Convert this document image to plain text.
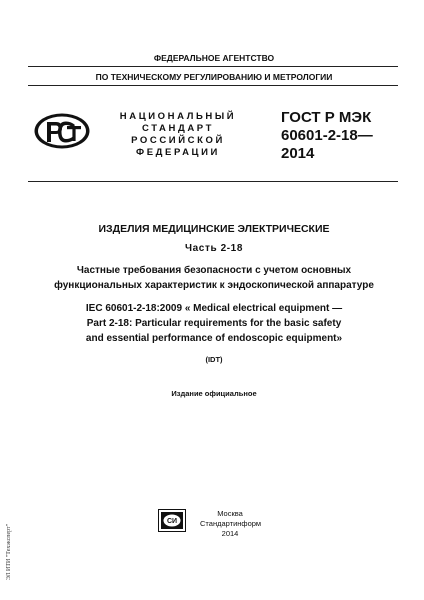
ФЕДЕРАЛЬНОЕ АГЕНТСТВО
ПО ТЕХНИЧЕСКОМУ РЕГУЛИРОВАНИЮ И МЕТРОЛОГИИ
РСТ
НАЦИОНАЛЬНЫЙ
СТАНДАРТ
РОССИЙСКОЙ
ФЕДЕРАЦИИ
ГОСТ Р МЭК
60601-2-18—
2014
ИЗДЕЛИЯ МЕДИЦИНСКИЕ ЭЛЕКТРИЧЕСКИЕ
Часть 2-18
Частные требования безопасности с учетом основных
функциональных характеристик к эндоскопической аппаратуре
IEC 60601-2-18:2009 « Medical electrical equipment —
Part 2-18: Particular requirements for the basic safety
and essential performance of endoscopic equipment»
(IDT)
Издание официальное
СИ
Москва
Стандартинформ
2014
ЭЛ ИТИ "Техэксперт"
